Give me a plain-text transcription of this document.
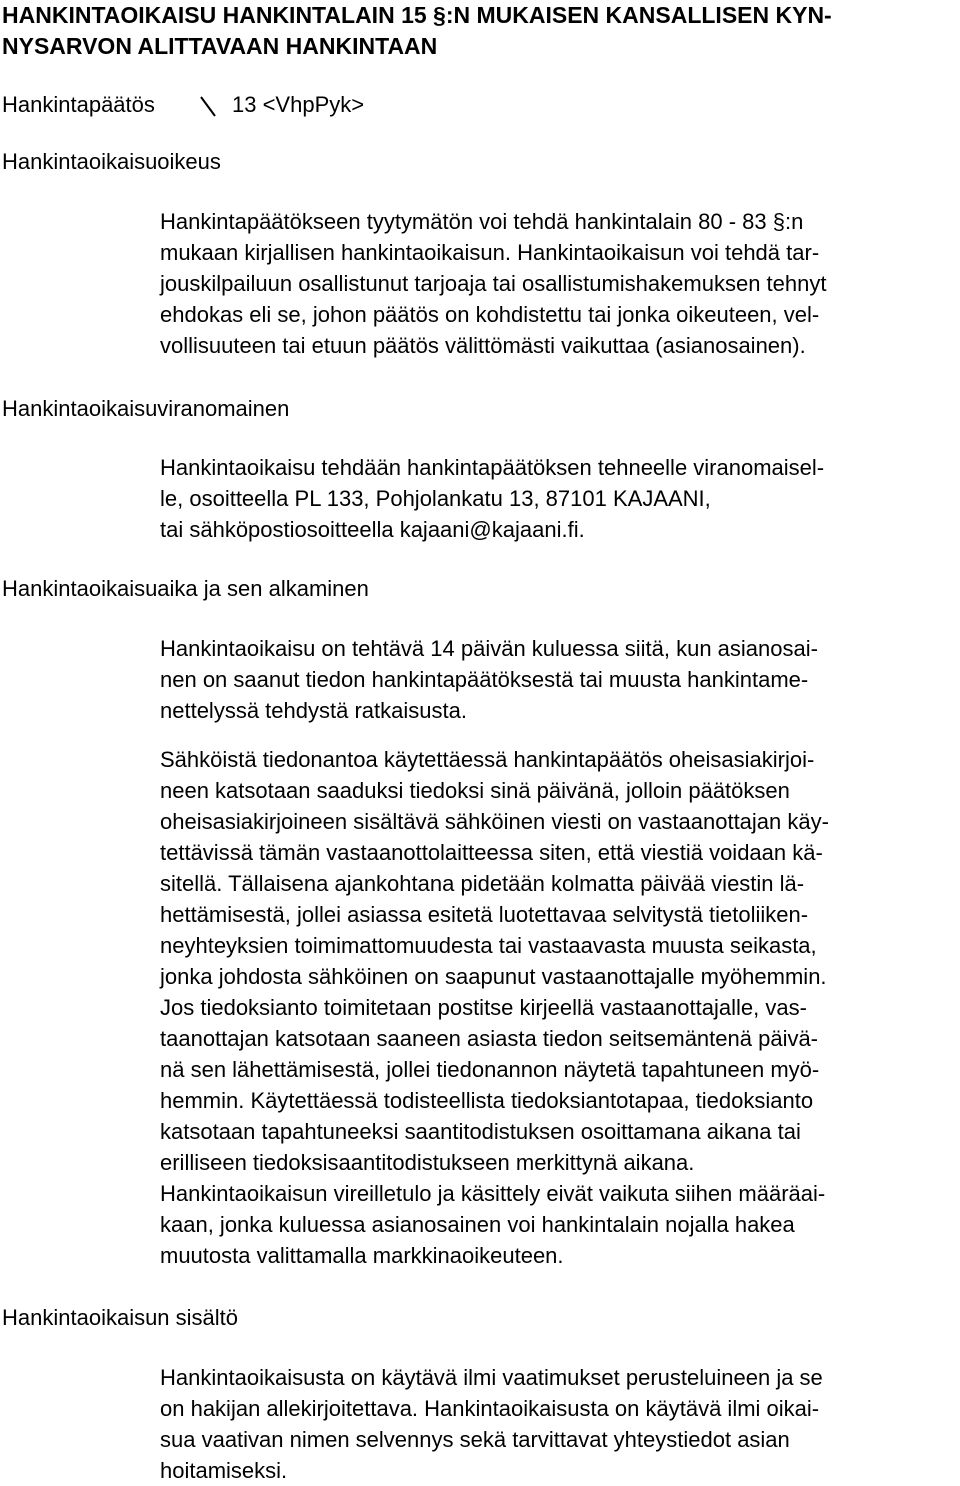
HANKINTAOIKAISU HANKINTALAIN 15 §:N MUKAISEN KANSALLISEN KYN-
NYSARVON ALITTAVAAN HANKINTAAN
Hankintapäätös	13 <VhpPyk>
Hankintaoikaisuoikeus
Hankintapäätökseen tyytymätön voi tehdä hankintalain 80 - 83 §:n
mukaan kirjallisen hankintaoikaisun. Hankintaoikaisun voi tehdä tar-
jouskilpailuun osallistunut tarjoaja tai osallistumishakemuksen tehnyt
ehdokas eli se, johon päätös on kohdistettu tai jonka oikeuteen, vel-
vollisuuteen tai etuun päätös välittömästi vaikuttaa (asianosainen).
Hankintaoikaisuviranomainen
Hankintaoikaisu tehdään hankintapäätöksen tehneelle viranomaisel-
le, osoitteella PL 133, Pohjolankatu 13, 87101 KAJAANI,
tai sähköpostiosoitteella kajaani@kajaani.fi.
Hankintaoikaisuaika ja sen alkaminen
Hankintaoikaisu on tehtävä 14 päivän kuluessa siitä, kun asianosai-
nen on saanut tiedon hankintapäätöksestä tai muusta hankintame-
nettelyssä tehdystä ratkaisusta.
Sähköistä tiedonantoa käytettäessä hankintapäätös oheisasiakirjoi-
neen katsotaan saaduksi tiedoksi sinä päivänä, jolloin päätöksen
oheisasiakirjoineen sisältävä sähköinen viesti on vastaanottajan käy-
tettävissä tämän vastaanottolaitteessa siten, että viestiä voidaan kä-
sitellä. Tällaisena ajankohtana pidetään kolmatta päivää viestin lä-
hettämisestä, jollei asiassa esitetä luotettavaa selvitystä tietoliiken-
neyhteyksien toimimattomuudesta tai vastaavasta muusta seikasta,
jonka johdosta sähköinen on saapunut vastaanottajalle myöhemmin.
Jos tiedoksianto toimitetaan postitse kirjeellä vastaanottajalle, vas-
taanottajan katsotaan saaneen asiasta tiedon seitsemäntenä päivä-
nä sen lähettämisestä, jollei tiedonannon näytetä tapahtuneen myö-
hemmin. Käytettäessä todisteellista tiedoksiantotapaa, tiedoksianto
katsotaan tapahtuneeksi saantitodistuksen osoittamana aikana tai
erilliseen tiedoksisaantitodistukseen merkittynä aikana.
Hankintaoikaisun vireilletulo ja käsittely eivät vaikuta siihen määräai-
kaan, jonka kuluessa asianosainen voi hankintalain nojalla hakea
muutosta valittamalla markkinaoikeuteen.
Hankintaoikaisun sisältö
Hankintaoikaisusta on käytävä ilmi vaatimukset perusteluineen ja se
on hakijan allekirjoitettava. Hankintaoikaisusta on käytävä ilmi oikai-
sua vaativan nimen selvennys sekä tarvittavat yhteystiedot asian
hoitamiseksi.
